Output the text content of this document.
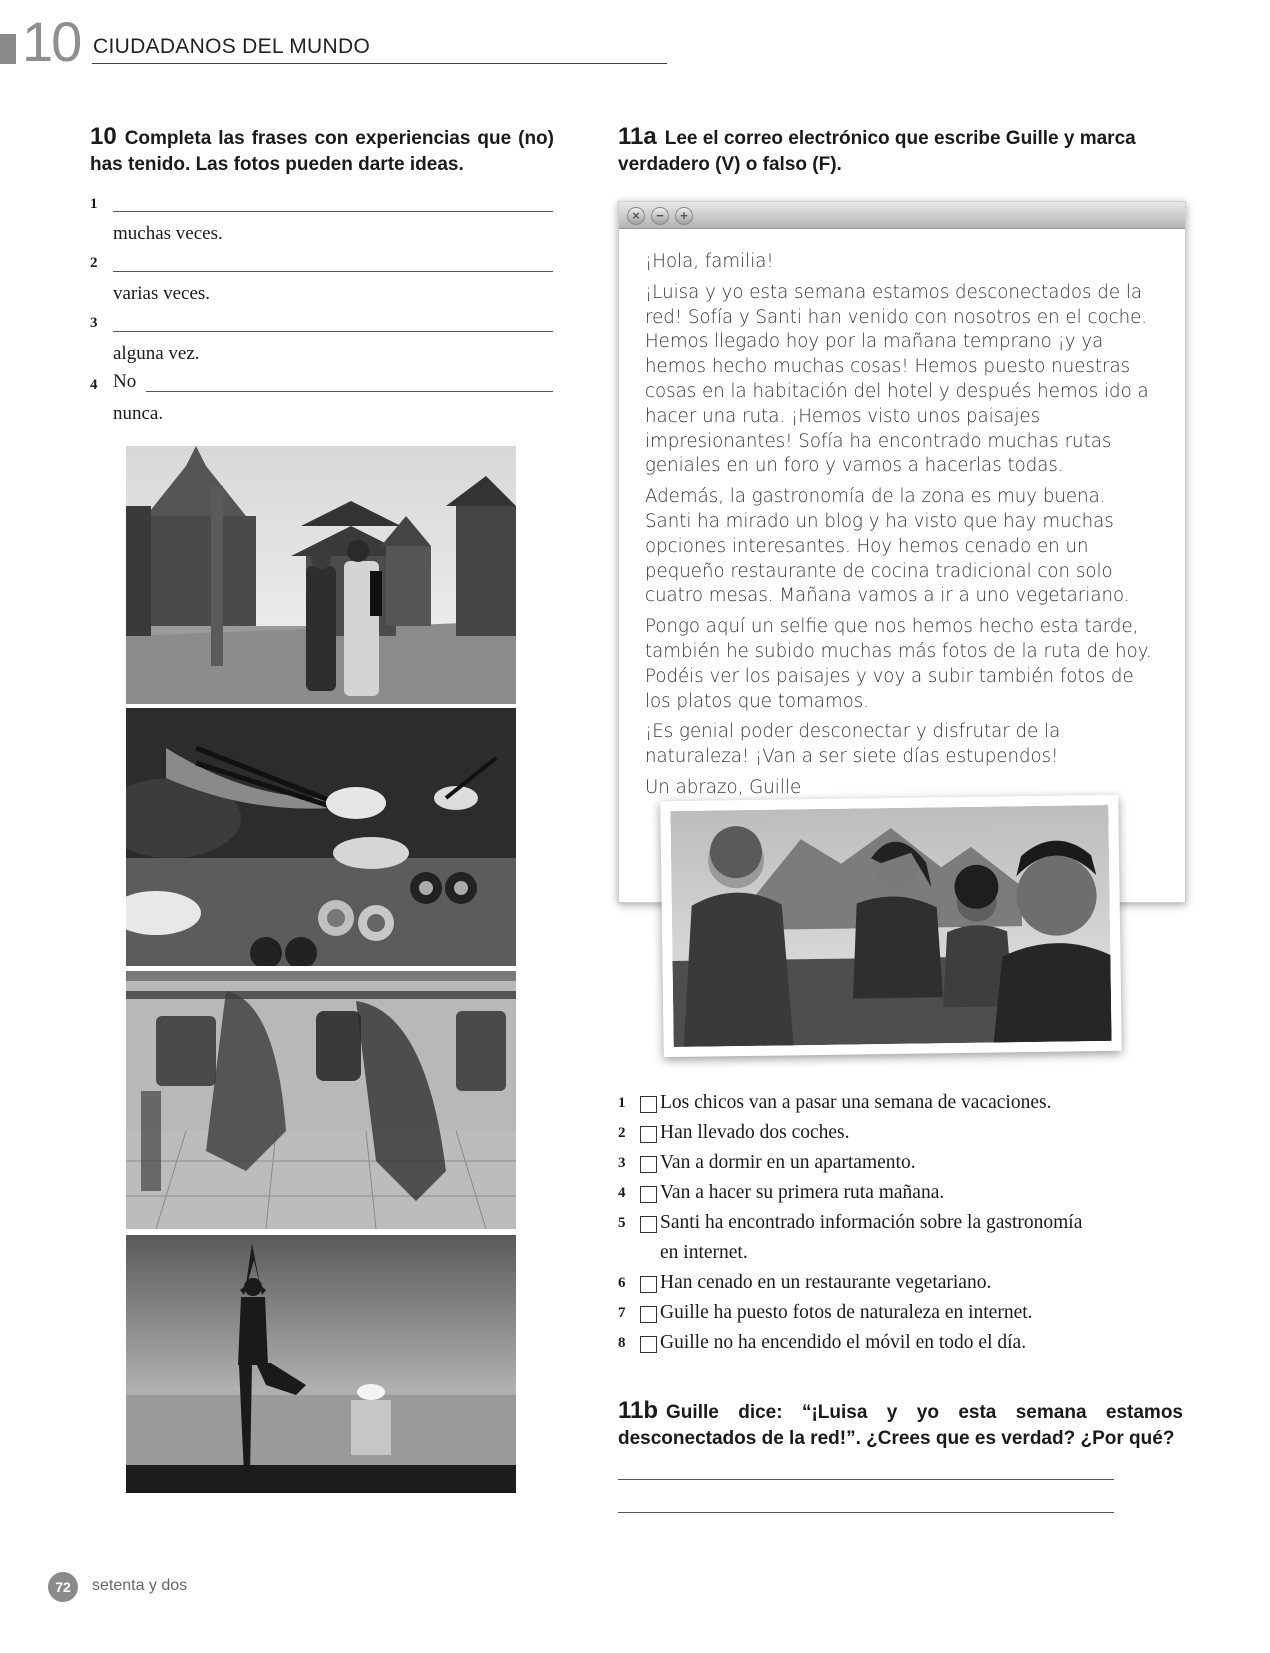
10 CIUDADANOS DEL MUNDO
10 Completa las frases con experiencias que (no) has tenido. Las fotos pueden darte ideas.
1
muchas veces.
2
varias veces.
3
alguna vez.
4 No
nunca.
11a Lee el correo electrónico que escribe Guille y marca verdadero (V) o falso (F).
×	−	+

¡Hola, familia!

¡Luisa y yo esta semana estamos desconectados de la red! Sofía y Santi han venido con nosotros en el coche. Hemos llegado hoy por la mañana temprano ¡y ya hemos hecho muchas cosas! Hemos puesto nuestras cosas en la habitación del hotel y después hemos ido a hacer una ruta. ¡Hemos visto unos paisajes impresionantes! Sofía ha encontrado muchas rutas geniales en un foro y vamos a hacerlas todas.

Además, la gastronomía de la zona es muy buena. Santi ha mirado un blog y ha visto que hay muchas opciones interesantes. Hoy hemos cenado en un pequeño restaurante de cocina tradicional con solo cuatro mesas. Mañana vamos a ir a uno vegetariano.

Pongo aquí un selfie que nos hemos hecho esta tarde, también he subido muchas más fotos de la ruta de hoy. Podéis ver los paisajes y voy a subir también fotos de los platos que tomamos.

¡Es genial poder desconectar y disfrutar de la naturaleza! ¡Van a ser siete días estupendos!

Un abrazo, Guille

1 Los chicos van a pasar una semana de vacaciones.
2 Han llevado dos coches.
3 Van a dormir en un apartamento.
4 Van a hacer su primera ruta mañana.
5 Santi ha encontrado información sobre la gastronomía
en internet.
6 Han cenado en un restaurante vegetariano.
7 Guille ha puesto fotos de naturaleza en internet.
8 Guille no ha encendido el móvil en todo el día.
11b Guille dice: “¡Luisa y yo esta semana estamos desconectados de la red!”. ¿Crees que es verdad? ¿Por qué?
72	setenta y dos
